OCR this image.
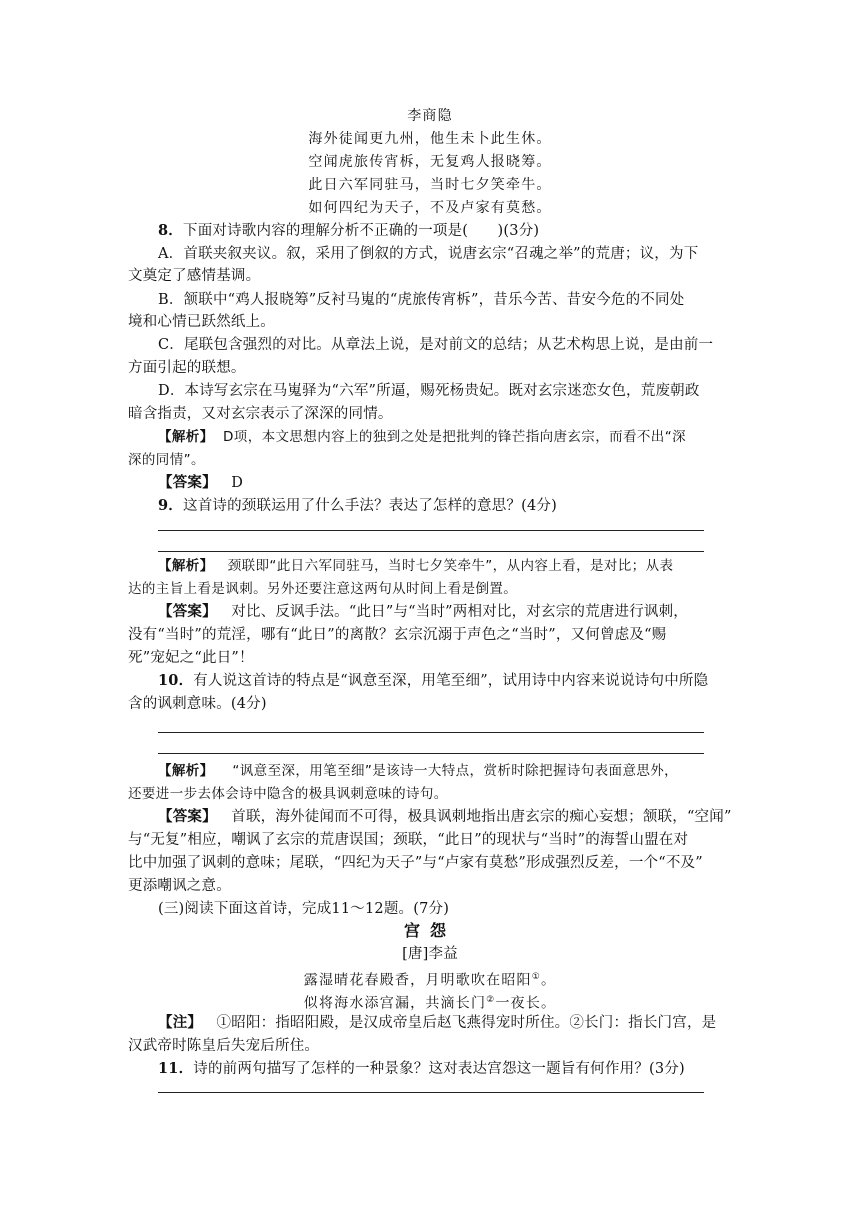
李商隐
海外徒闻更九州，他生未卜此生休。
空闻虎旅传宵柝，无复鸡人报晓筹。
此日六军同驻马，当时七夕笑牵牛。
如何四纪为天子，不及卢家有莫愁。
8．下面对诗歌内容的理解分析不正确的一项是(　　)(3分)
A．首联夹叙夹议。叙，采用了倒叙的方式，说唐玄宗“召魂之举”的荒唐；议，为下
文奠定了感情基调。
B．颔联中“鸡人报晓筹”反衬马嵬的“虎旅传宵柝”，昔乐今苦、昔安今危的不同处
境和心情已跃然纸上。
C．尾联包含强烈的对比。从章法上说，是对前文的总结；从艺术构思上说，是由前一
方面引起的联想。
D．本诗写玄宗在马嵬驿为“六军”所逼，赐死杨贵妃。既对玄宗迷恋女色，荒废朝政
暗含指责，又对玄宗表示了深深的同情。
【解析】 D项，本文思想内容上的独到之处是把批判的锋芒指向唐玄宗，而看不出“深
深的同情”。
【答案】 D
9．这首诗的颈联运用了什么手法？表达了怎样的意思？(4分)
【解析】 颈联即“此日六军同驻马，当时七夕笑牵牛”，从内容上看，是对比；从表
达的主旨上看是讽刺。另外还要注意这两句从时间上看是倒置。
【答案】 对比、反讽手法。“此日”与“当时”两相对比，对玄宗的荒唐进行讽刺，
没有“当时”的荒淫，哪有“此日”的离散？玄宗沉溺于声色之“当时”，又何曾虑及“赐
死”宠妃之“此日”！
10．有人说这首诗的特点是“讽意至深，用笔至细”，试用诗中内容来说说诗句中所隐
含的讽刺意味。(4分)
【解析】 “讽意至深，用笔至细”是该诗一大特点，赏析时除把握诗句表面意思外，
还要进一步去体会诗中隐含的极具讽刺意味的诗句。
【答案】 首联，海外徒闻而不可得，极具讽刺地指出唐玄宗的痴心妄想；颔联，“空闻”
与“无复”相应，嘲讽了玄宗的荒唐误国；颈联，“此日”的现状与“当时”的海誓山盟在对
比中加强了讽刺的意味；尾联，“四纪为天子”与“卢家有莫愁”形成强烈反差，一个“不及”
更添嘲讽之意。
(三)阅读下面这首诗，完成11～12题。(7分)
宫怨
[唐]李益
露湿晴花春殿香，月明歌吹在昭阳①。
似将海水添宫漏，共滴长门②一夜长。
【注】 ①昭阳：指昭阳殿，是汉成帝皇后赵飞燕得宠时所住。②长门：指长门宫，是
汉武帝时陈皇后失宠后所住。
11．诗的前两句描写了怎样的一种景象？这对表达宫怨这一题旨有何作用？(3分)
